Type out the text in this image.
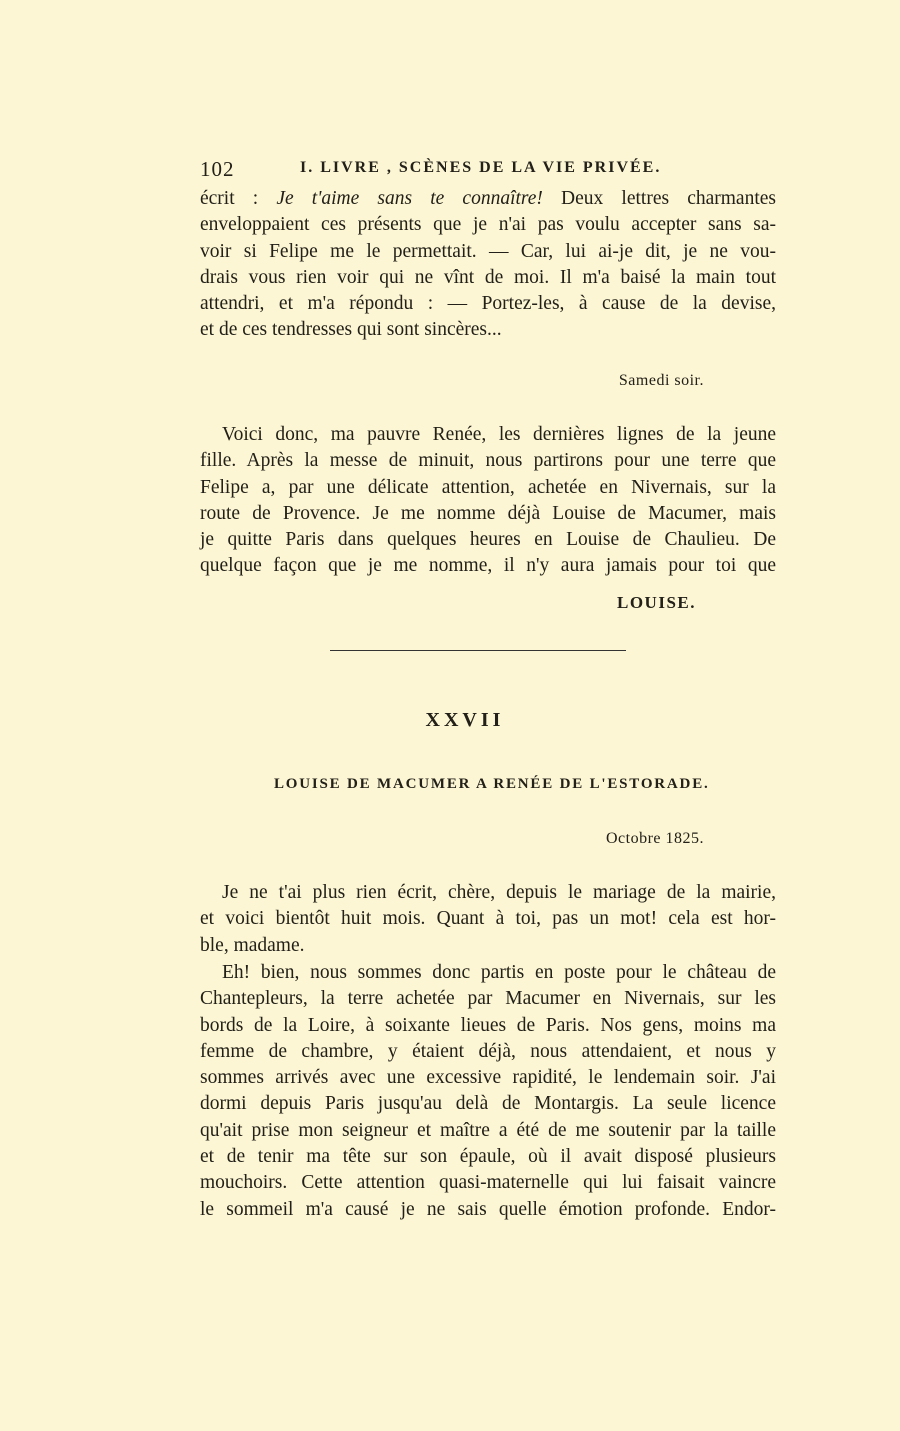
102	I. LIVRE , SCÈNES DE LA VIE PRIVÉE.
écrit : Je t'aime sans te connaître! Deux lettres charmantes
enveloppaient ces présents que je n'ai pas voulu accepter sans sa-
voir si Felipe me le permettait. — Car, lui ai-je dit, je ne vou-
drais vous rien voir qui ne vînt de moi. Il m'a baisé la main tout
attendri, et m'a répondu : — Portez-les, à cause de la devise,
et de ces tendresses qui sont sincères...
Samedi soir.
Voici donc, ma pauvre Renée, les dernières lignes de la jeune
fille. Après la messe de minuit, nous partirons pour une terre que
Felipe a, par une délicate attention, achetée en Nivernais, sur la
route de Provence. Je me nomme déjà Louise de Macumer, mais
je quitte Paris dans quelques heures en Louise de Chaulieu. De
quelque façon que je me nomme, il n'y aura jamais pour toi que
LOUISE.
XXVII
LOUISE DE MACUMER A RENÉE DE L'ESTORADE.
Octobre 1825.
Je ne t'ai plus rien écrit, chère, depuis le mariage de la mairie,
et voici bientôt huit mois. Quant à toi, pas un mot! cela est hor-
ble, madame.
Eh! bien, nous sommes donc partis en poste pour le château de
Chantepleurs, la terre achetée par Macumer en Nivernais, sur les
bords de la Loire, à soixante lieues de Paris. Nos gens, moins ma
femme de chambre, y étaient déjà, nous attendaient, et nous y
sommes arrivés avec une excessive rapidité, le lendemain soir. J'ai
dormi depuis Paris jusqu'au delà de Montargis. La seule licence
qu'ait prise mon seigneur et maître a été de me soutenir par la taille
et de tenir ma tête sur son épaule, où il avait disposé plusieurs
mouchoirs. Cette attention quasi-maternelle qui lui faisait vaincre
le sommeil m'a causé je ne sais quelle émotion profonde. Endor-
